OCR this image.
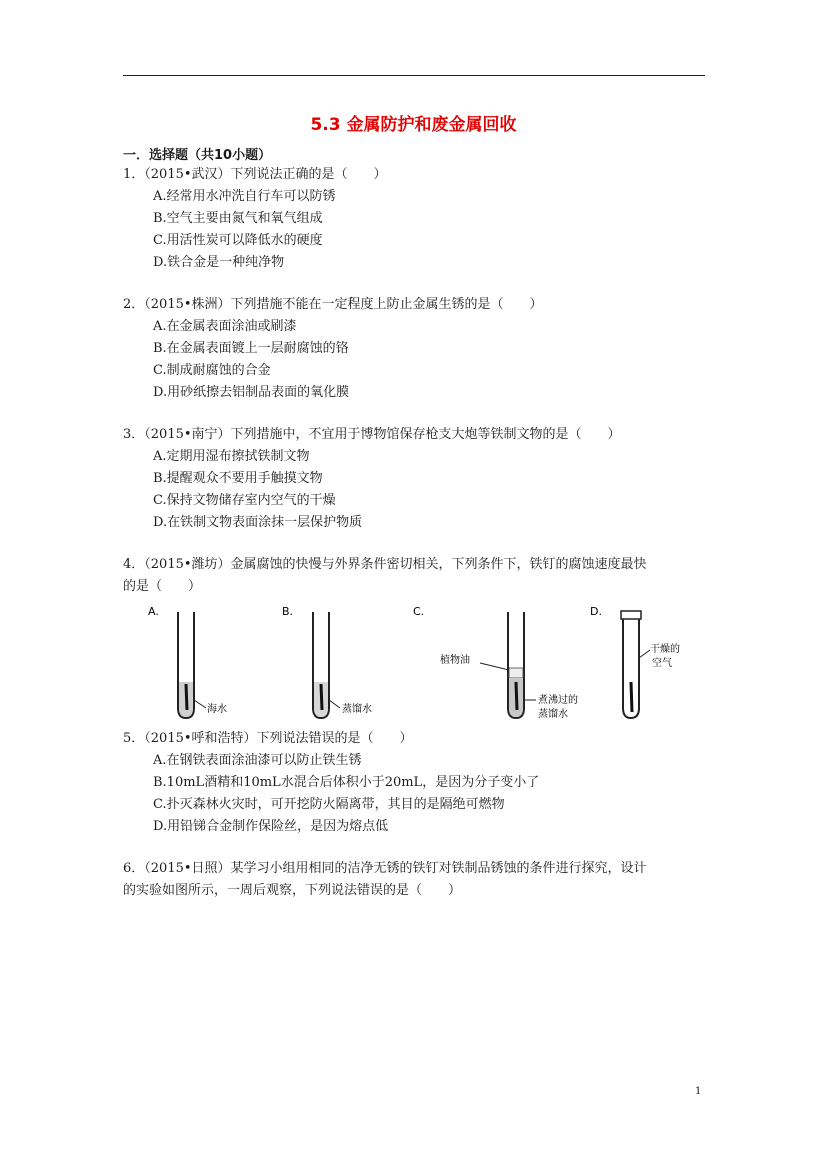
5.3 金属防护和废金属回收
一．选择题（共10小题）
1．（2015•武汉）下列说法正确的是（　　）
A.经常用水冲洗自行车可以防锈
B.空气主要由氮气和氧气组成
C.用活性炭可以降低水的硬度
D.铁合金是一种纯净物
2．（2015•株洲）下列措施不能在一定程度上防止金属生锈的是（　　）
A.在金属表面涂油或刷漆
B.在金属表面镀上一层耐腐蚀的铬
C.制成耐腐蚀的合金
D.用砂纸擦去铝制品表面的氧化膜
3．（2015•南宁）下列措施中，不宜用于博物馆保存枪支大炮等铁制文物的是（　　）
A.定期用湿布擦拭铁制文物
B.提醒观众不要用手触摸文物
C.保持文物储存室内空气的干燥
D.在铁制文物表面涂抹一层保护物质
4．（2015•潍坊）金属腐蚀的快慢与外界条件密切相关，下列条件下，铁钉的腐蚀速度最快
的是（　　）
A.
海水
B.
蒸馏水
C.
植物油
煮沸过的
蒸馏水
D.
干燥的
空气
5．（2015•呼和浩特）下列说法错误的是（　　）
A.在钢铁表面涂油漆可以防止铁生锈
B.10mL酒精和10mL水混合后体积小于20mL，是因为分子变小了
C.扑灭森林火灾时，可开挖防火隔离带，其目的是隔绝可燃物
D.用铅锑合金制作保险丝，是因为熔点低
6．（2015•日照）某学习小组用相同的洁净无锈的铁钉对铁制品锈蚀的条件进行探究，设计
的实验如图所示，一周后观察，下列说法错误的是（　　）
1
